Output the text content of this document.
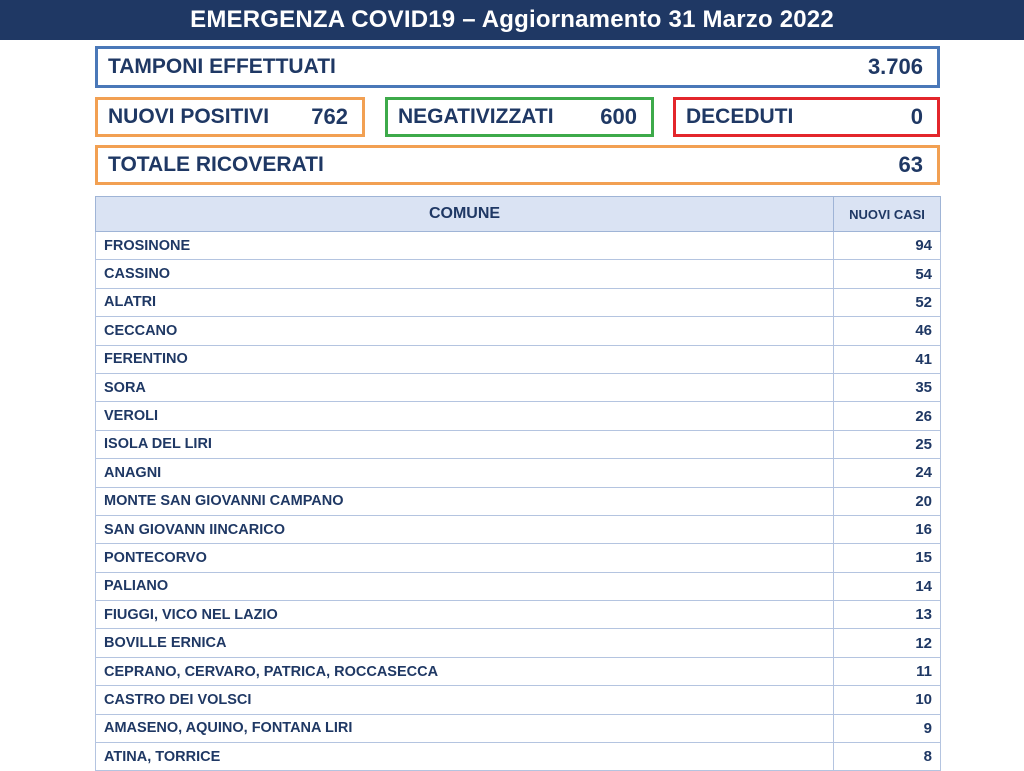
EMERGENZA COVID19 – Aggiornamento 31 Marzo 2022
TAMPONI EFFETTUATI	3.706
NUOVI POSITIVI 762 NEGATIVIZZATI 600 DECEDUTI	0
TOTALE RICOVERATI	63
COMUNE	NUOVI CASI
FROSINONE	94
CASSINO	54
ALATRI	52
CECCANO	46
FERENTINO	41
SORA	35
VEROLI	26
ISOLA DEL LIRI	25
ANAGNI	24
MONTE SAN GIOVANNI CAMPANO	20
SAN GIOVANN IINCARICO	16
PONTECORVO	15
PALIANO	14
FIUGGI, VICO NEL LAZIO	13
BOVILLE ERNICA	12
CEPRANO, CERVARO, PATRICA, ROCCASECCA	11
CASTRO DEI VOLSCI	10
AMASENO, AQUINO, FONTANA LIRI	9
ATINA, TORRICE	8
